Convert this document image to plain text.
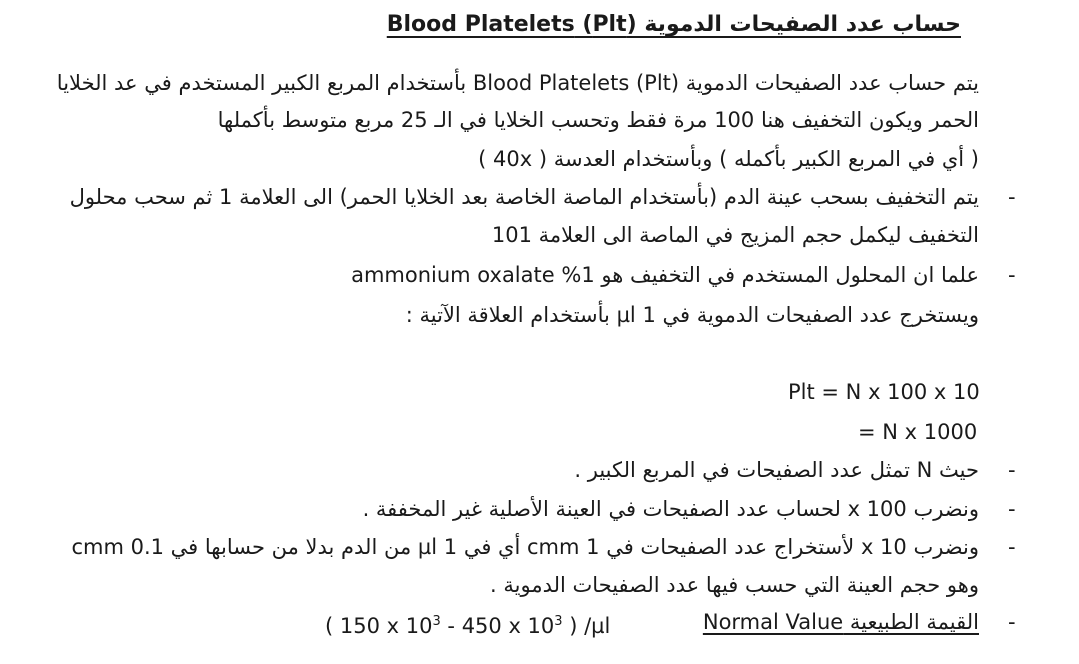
حساب عدد الصفيحات الدموية (Plt) Blood Platelets
يتم حساب عدد الصفيحات الدموية (Plt) Blood Platelets بأستخدام المربع الكبير المستخدم في عد الخلايا
الحمر ويكون التخفيف هنا 100 مرة فقط وتحسب الخلايا في الـ 25 مربع متوسط بأكملها
( أي في المربع الكبير بأكمله ) وبأستخدام العدسة ( 40x )
-
يتم التخفيف بسحب عينة الدم (بأستخدام الماصة الخاصة بعد الخلايا الحمر) الى العلامة 1 ثم سحب محلول
التخفيف ليكمل حجم المزيج في الماصة الى العلامة 101
-
علما ان المحلول المستخدم في التخفيف هو 1% ammonium oxalate
ويستخرج عدد الصفيحات الدموية في 1 µl بأستخدام العلاقة الآتية :
Plt = N x 100 x 10
= N x 1000
-
حيث N تمثل عدد الصفيحات في المربع الكبير .
-
ونضرب x 100 لحساب عدد الصفيحات في العينة الأصلية غير المخففة .
-
ونضرب x 10 لأستخراج عدد الصفيحات في 1 cmm أي في 1 µl من الدم بدلا من حسابها في 0.1 cmm
وهو حجم العينة التي حسب فيها عدد الصفيحات الدموية .
-
القيمة الطبيعية Normal Value
( 150 x $10^3 - 450$ x $10^3$ ) /µl
